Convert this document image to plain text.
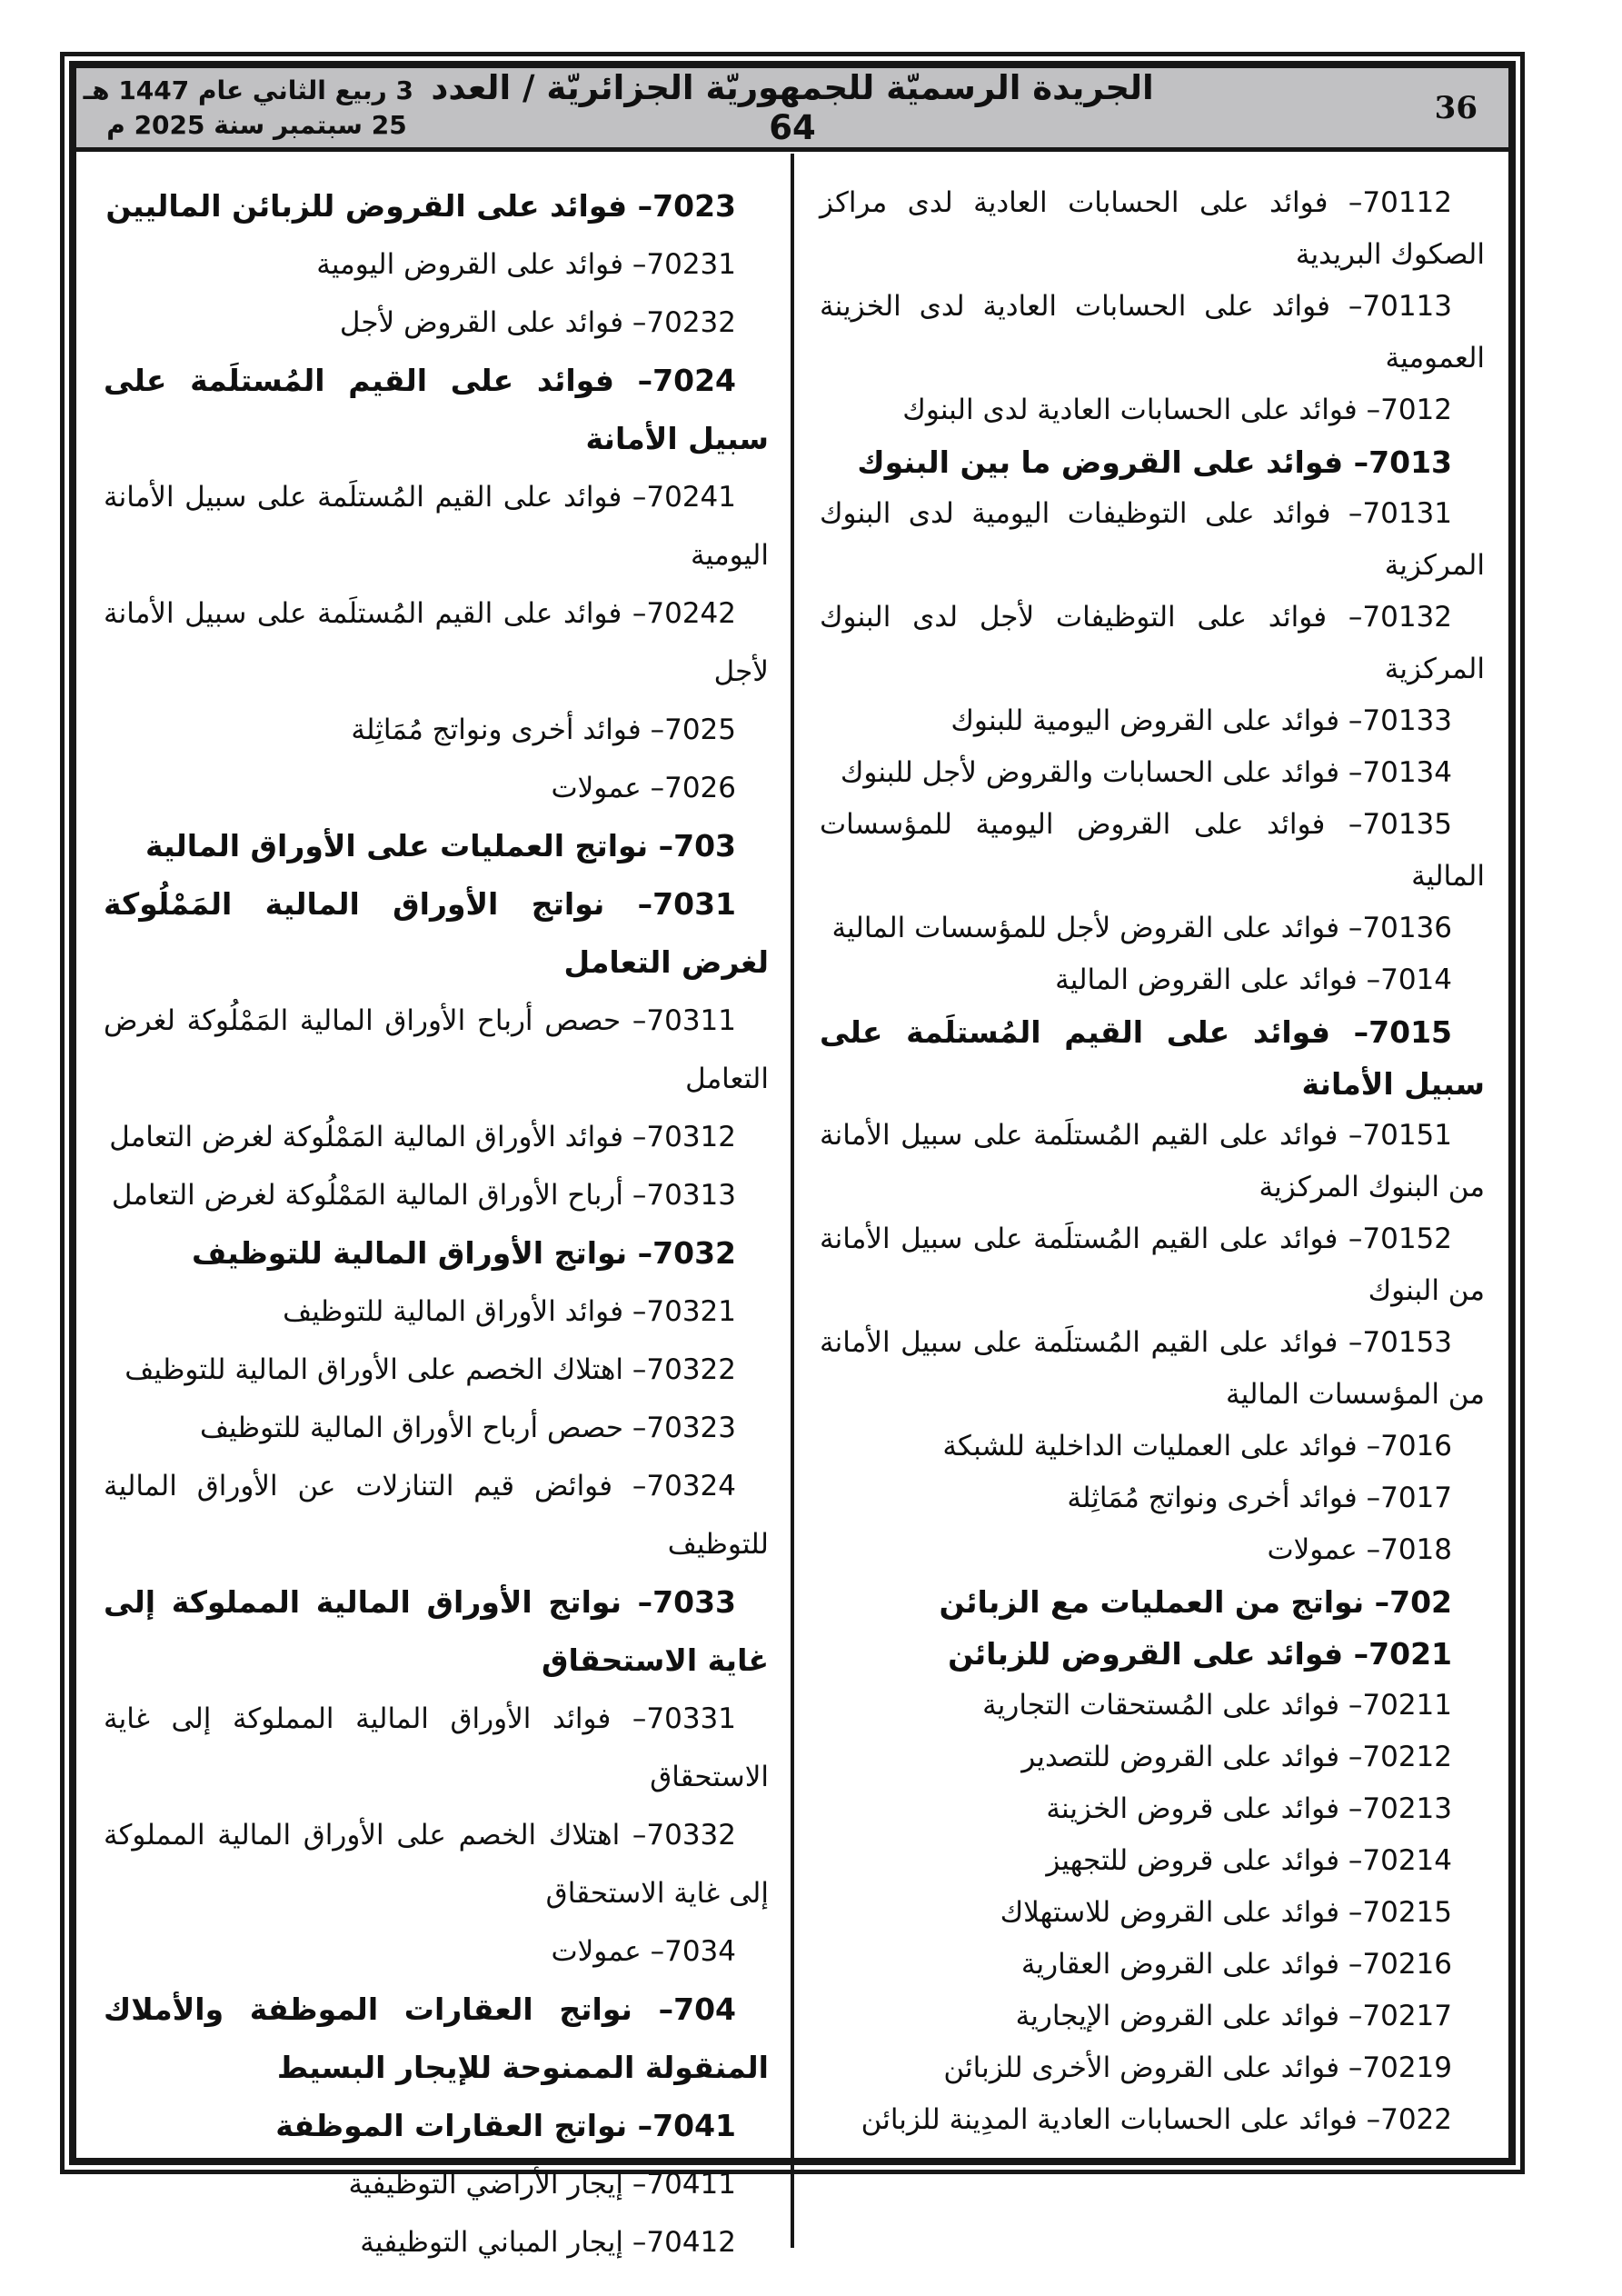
3 ربيع الثاني عام 1447 هـ
25 سبتمبر سنة 2025 م
الجريدة الرسميّة للجمهوريّة الجزائريّة / العدد 64	36

70112– فوائد على الحسابات العادية لدى مراكز الصكوك البريدية

70113– فوائد على الحسابات العادية لدى الخزينة العمومية

7012– فوائد على الحسابات العادية لدى البنوك

7013– فوائد على القروض ما بين البنوك

70131– فوائد على التوظيفات اليومية لدى البنوك المركزية

70132– فوائد على التوظيفات لأجل لدى البنوك المركزية

70133– فوائد على القروض اليومية للبنوك

70134– فوائد على الحسابات والقروض لأجل للبنوك

70135– فوائد على القروض اليومية للمؤسسات المالية

70136– فوائد على القروض لأجل للمؤسسات المالية

7014– فوائد على القروض المالية

7015– فوائد على القيم المُستلَمة على سبيل الأمانة

70151– فوائد على القيم المُستلَمة على سبيل الأمانة من البنوك المركزية

70152– فوائد على القيم المُستلَمة على سبيل الأمانة من البنوك

70153– فوائد على القيم المُستلَمة على سبيل الأمانة من المؤسسات المالية

7016– فوائد على العمليات الداخلية للشبكة

7017– فوائد أخرى ونواتج مُمَاثِلة

7018– عمولات

702– نواتج من العمليات مع الزبائن

7021– فوائد على القروض للزبائن

70211– فوائد على المُستحقات التجارية

70212– فوائد على القروض للتصدير

70213– فوائد على قروض الخزينة

70214– فوائد على قروض للتجهيز

70215– فوائد على القروض للاستهلاك

70216– فوائد على القروض العقارية

70217– فوائد على القروض الإيجارية

70219– فوائد على القروض الأخرى للزبائن

7022– فوائد على الحسابات العادية المدِينة للزبائن

7023– فوائد على القروض للزبائن الماليين

70231– فوائد على القروض اليومية

70232– فوائد على القروض لأجل

7024– فوائد على القيم المُستلَمة على سبيل الأمانة

70241– فوائد على القيم المُستلَمة على سبيل الأمانة اليومية

70242– فوائد على القيم المُستلَمة على سبيل الأمانة لأجل

7025– فوائد أخرى ونواتج مُمَاثِلة

7026– عمولات

703– نواتج العمليات على الأوراق المالية

7031– نواتج الأوراق المالية المَمْلُوكة لغرض التعامل

70311– حصص أرباح الأوراق المالية المَمْلُوكة لغرض التعامل

70312– فوائد الأوراق المالية المَمْلُوكة لغرض التعامل

70313– أرباح الأوراق المالية المَمْلُوكة لغرض التعامل

7032– نواتج الأوراق المالية للتوظيف

70321– فوائد الأوراق المالية للتوظيف

70322– اهتلاك الخصم على الأوراق المالية للتوظيف

70323– حصص أرباح الأوراق المالية للتوظيف

70324– فوائض قيم التنازلات عن الأوراق المالية للتوظيف

7033– نواتج الأوراق المالية المملوكة إلى غاية الاستحقاق

70331– فوائد الأوراق المالية المملوكة إلى غاية الاستحقاق

70332– اهتلاك الخصم على الأوراق المالية المملوكة إلى غاية الاستحقاق

7034– عمولات

704– نواتج العقارات الموظفة والأملاك المنقولة الممنوحة للإيجار البسيط

7041– نواتج العقارات الموظفة

70411– إيجار الأراضي التوظيفية

70412– إيجار المباني التوظيفية
